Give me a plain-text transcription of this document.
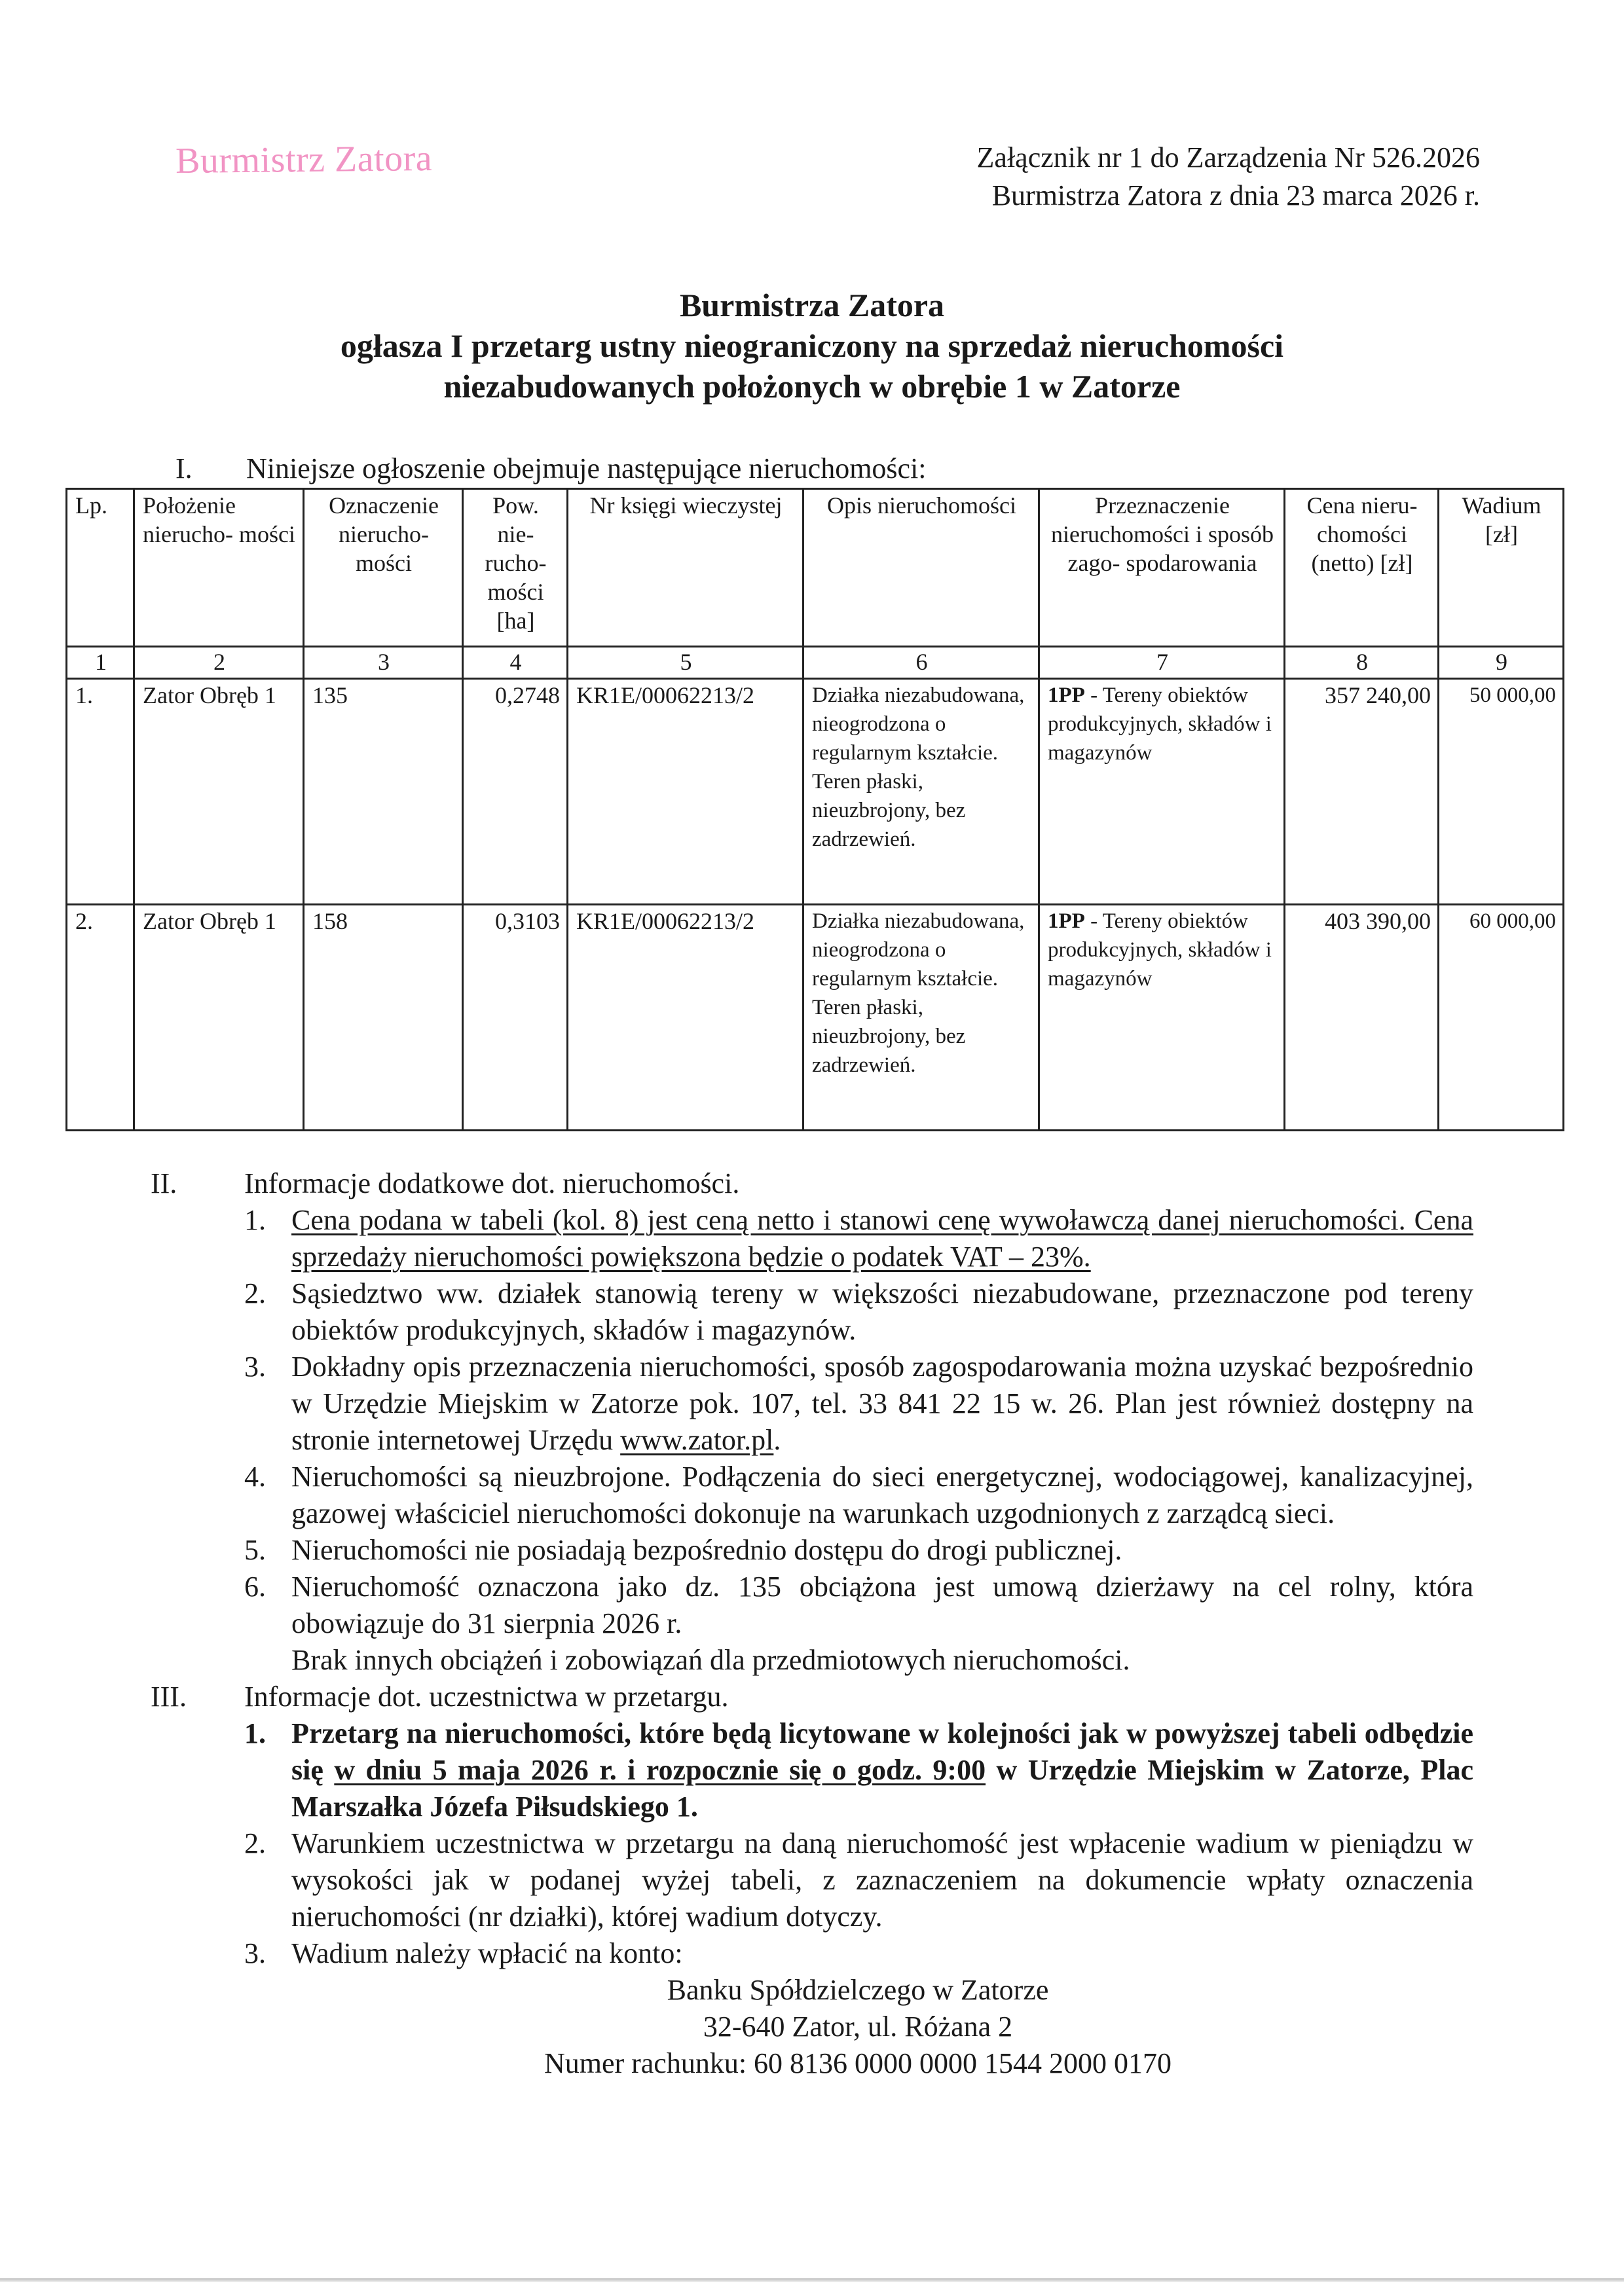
Burmistrz Zatora	Załącznik nr 1 do Zarządzenia Nr 526.2026
Burmistrza Zatora z dnia 23 marca 2026 r.
Burmistrza Zatora
ogłasza I przetarg ustny nieograniczony na sprzedaż nieruchomości
niezabudowanych położonych w obrębie 1 w Zatorze
I. Niniejsze ogłoszenie obejmuje następujące nieruchomości:
Lp.	Położenie nierucho- mości	Oznaczenie nierucho- mości	Pow. nie- rucho- mości [ha]	Nr księgi wieczystej	Opis nieruchomości	Przeznaczenie nieruchomości i sposób zago- spodarowania	Cena nieru- chomości (netto) [zł]	Wadium [zł]
1	2	3	4	5	6	7	8	9
1.	Zator Obręb 1	135	0,2748	KR1E/00062213/2	Działka niezabudowana, nieogrodzona o regularnym kształcie. Teren płaski, nieuzbrojony, bez zadrzewień.	1PP - Tereny obiektów produkcyjnych, składów i magazynów	357 240,00	50 000,00
2.	Zator Obręb 1	158	0,3103	KR1E/00062213/2	Działka niezabudowana, nieogrodzona o regularnym kształcie. Teren płaski, nieuzbrojony, bez zadrzewień.	1PP - Tereny obiektów produkcyjnych, składów i magazynów	403 390,00	60 000,00
II.	Informacje dodatkowe dot. nieruchomości.
1. Cena podana w tabeli (kol. 8) jest ceną netto i stanowi cenę wywoławczą danej nieruchomości. Cena sprzedaży nieruchomości powiększona będzie o podatek VAT – 23%.
2. Sąsiedztwo ww. działek stanowią tereny w większości niezabudowane, przeznaczone pod tereny obiektów produkcyjnych, składów i magazynów.
3. Dokładny opis przeznaczenia nieruchomości, sposób zagospodarowania można uzyskać bezpośrednio w Urzędzie Miejskim w Zatorze pok. 107, tel. 33 841 22 15 w. 26. Plan jest również dostępny na stronie internetowej Urzędu www.zator.pl.
4. Nieruchomości są nieuzbrojone. Podłączenia do sieci energetycznej, wodociągowej, kanalizacyjnej, gazowej właściciel nieruchomości dokonuje na warunkach uzgodnionych z zarządcą sieci.
5. Nieruchomości nie posiadają bezpośrednio dostępu do drogi publicznej.
6. Nieruchomość oznaczona jako dz. 135 obciążona jest umową dzierżawy na cel rolny, która obowiązuje do 31 sierpnia 2026 r.
Brak innych obciążeń i zobowiązań dla przedmiotowych nieruchomości.
III.	Informacje dot. uczestnictwa w przetargu.
1. Przetarg na nieruchomości, które będą licytowane w kolejności jak w powyższej tabeli odbędzie się w dniu 5 maja 2026 r. i rozpocznie się o godz. 9:00 w Urzędzie Miejskim w Zatorze, Plac Marszałka Józefa Piłsudskiego 1.
2. Warunkiem uczestnictwa w przetargu na daną nieruchomość jest wpłacenie wadium w pieniądzu w wysokości jak w podanej wyżej tabeli, z zaznaczeniem na dokumencie wpłaty oznaczenia nieruchomości (nr działki), której wadium dotyczy.
3. Wadium należy wpłacić na konto:
Banku Spółdzielczego w Zatorze
32-640 Zator, ul. Różana 2
Numer rachunku: 60 8136 0000 0000 1544 2000 0170
